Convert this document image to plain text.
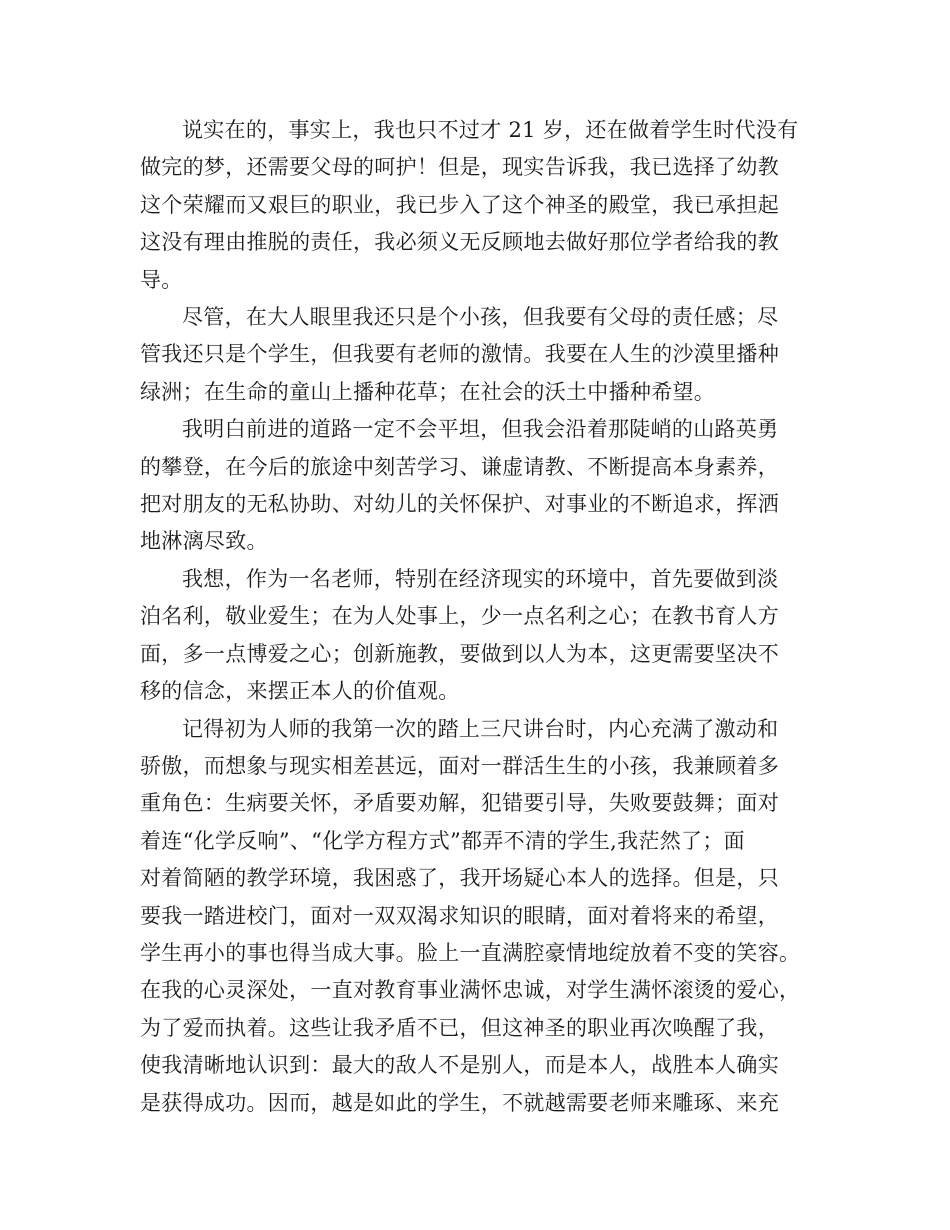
说实在的，事实上，我也只不过才 21 岁，还在做着学生时代没有
做完的梦，还需要父母的呵护！但是，现实告诉我，我已选择了幼教
这个荣耀而又艰巨的职业，我已步入了这个神圣的殿堂，我已承担起
这没有理由推脱的责任，我必须义无反顾地去做好那位学者给我的教
导。

尽管，在大人眼里我还只是个小孩，但我要有父母的责任感；尽
管我还只是个学生，但我要有老师的激情。我要在人生的沙漠里播种
绿洲；在生命的童山上播种花草；在社会的沃土中播种希望。

我明白前进的道路一定不会平坦，但我会沿着那陡峭的山路英勇
的攀登，在今后的旅途中刻苦学习、谦虚请教、不断提高本身素养，
把对朋友的无私协助、对幼儿的关怀保护、对事业的不断追求，挥洒
地淋漓尽致。

我想，作为一名老师，特别在经济现实的环境中，首先要做到淡
泊名利，敬业爱生；在为人处事上，少一点名利之心；在教书育人方
面，多一点博爱之心；创新施教，要做到以人为本，这更需要坚决不
移的信念，来摆正本人的价值观。

记得初为人师的我第一次的踏上三尺讲台时，内心充满了激动和
骄傲，而想象与现实相差甚远，面对一群活生生的小孩，我兼顾着多
重角色：生病要关怀，矛盾要劝解，犯错要引导，失败要鼓舞；面对
着连“化学反响”、“化学方程方式”都弄不清的学生,我茫然了；面
对着简陋的教学环境，我困惑了，我开场疑心本人的选择。但是，只
要我一踏进校门，面对一双双渴求知识的眼睛，面对着将来的希望，
学生再小的事也得当成大事。脸上一直满腔豪情地绽放着不变的笑容。
在我的心灵深处，一直对教育事业满怀忠诚，对学生满怀滚烫的爱心，
为了爱而执着。这些让我矛盾不已，但这神圣的职业再次唤醒了我，
使我清晰地认识到：最大的敌人不是别人，而是本人，战胜本人确实
是获得成功。因而，越是如此的学生，不就越需要老师来雕琢、来充
